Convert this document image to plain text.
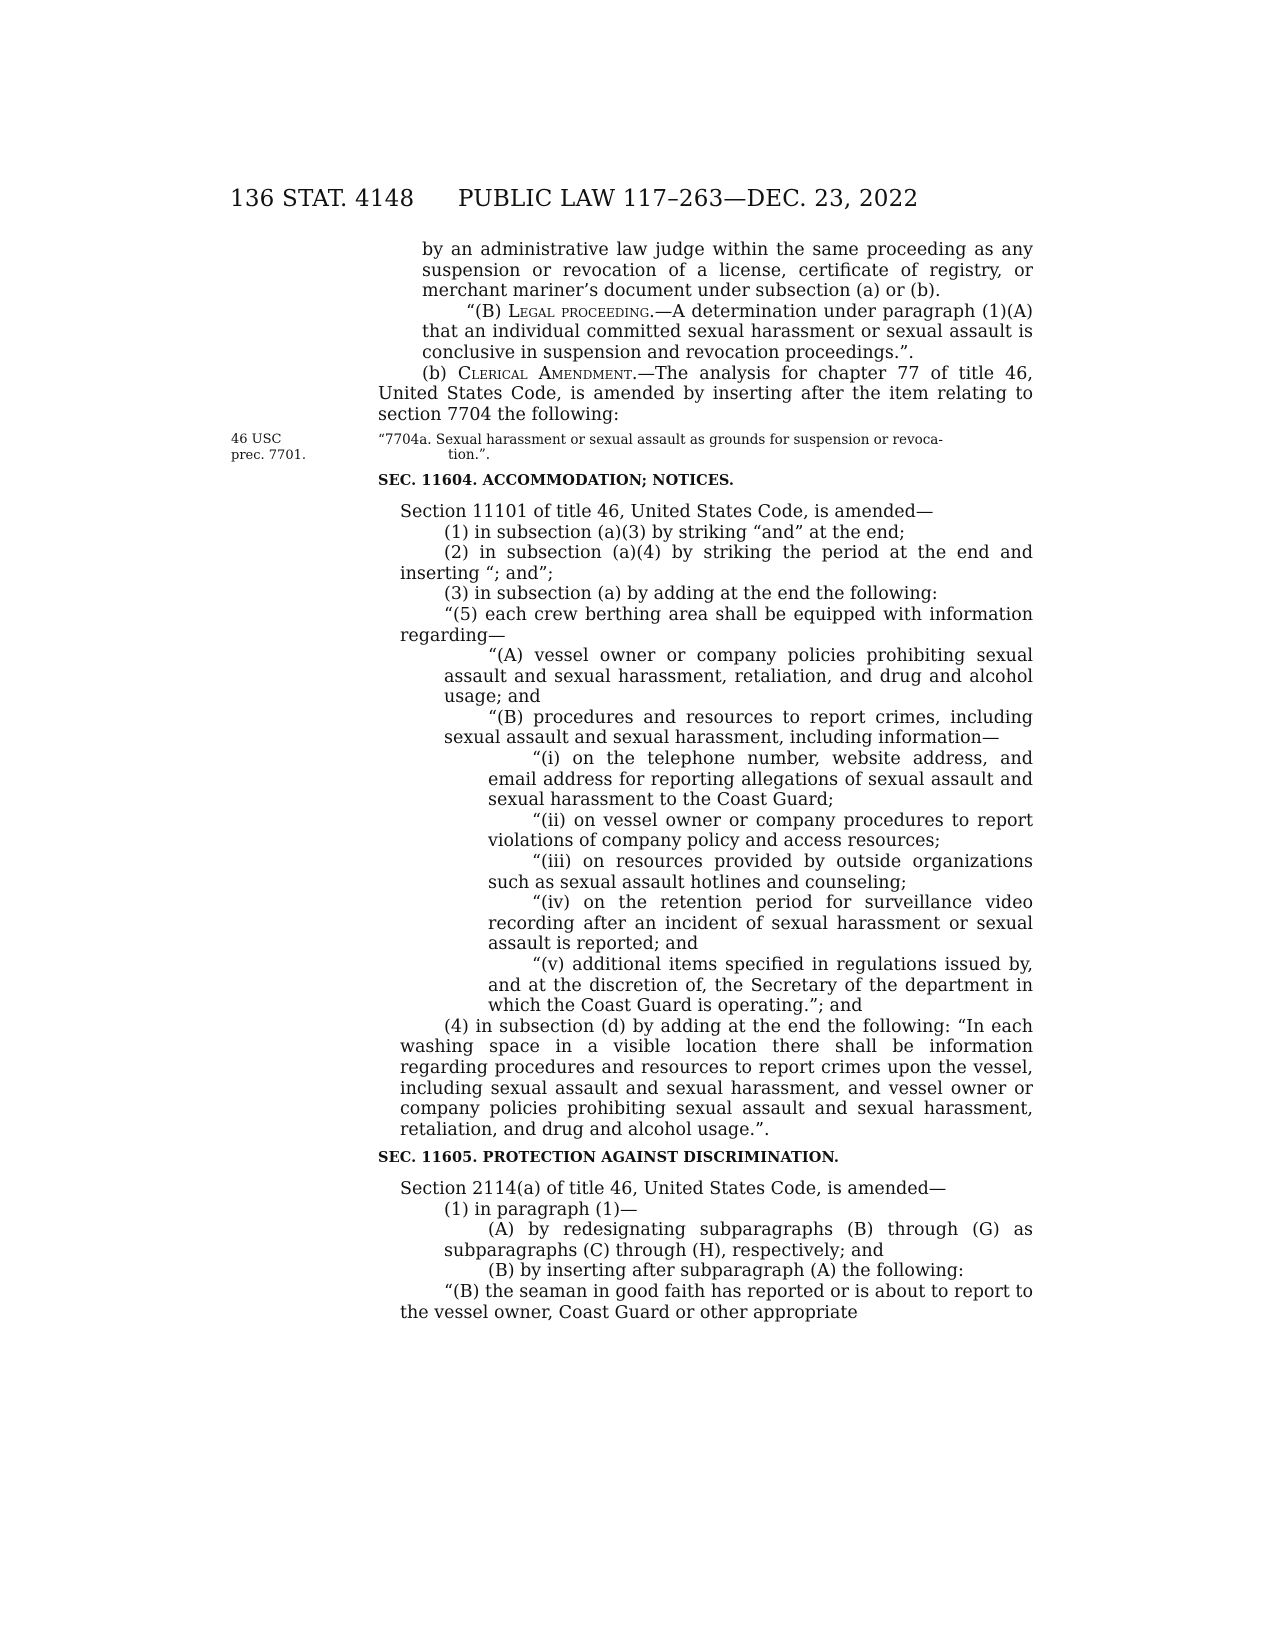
136 STAT. 4148 PUBLIC LAW 117–263—DEC. 23, 2022
46 USC
prec. 7701.

by an administrative law judge within the same proceeding as any suspension or revocation of a license, certificate of registry, or merchant mariner’s document under subsection (a) or (b).

“(B) Legal proceeding.—A determination under paragraph (1)(A) that an individual committed sexual harassment or sexual assault is conclusive in suspension and revocation proceedings.”.

(b) Clerical Amendment.—The analysis for chapter 77 of title 46, United States Code, is amended by inserting after the item relating to section 7704 the following:

“7704a. Sexual harassment or sexual assault as grounds for suspension or revoca-
tion.”.
SEC. 11604. ACCOMMODATION; NOTICES.

Section 11101 of title 46, United States Code, is amended—

(1) in subsection (a)(3) by striking “and” at the end;

(2) in subsection (a)(4) by striking the period at the end and inserting “; and”;

(3) in subsection (a) by adding at the end the following:

“(5) each crew berthing area shall be equipped with information regarding—

“(A) vessel owner or company policies prohibiting sexual assault and sexual harassment, retaliation, and drug and alcohol usage; and

“(B) procedures and resources to report crimes, including sexual assault and sexual harassment, including information—

“(i) on the telephone number, website address, and email address for reporting allegations of sexual assault and sexual harassment to the Coast Guard;

“(ii) on vessel owner or company procedures to report violations of company policy and access resources;

“(iii) on resources provided by outside organizations such as sexual assault hotlines and counseling;

“(iv) on the retention period for surveillance video recording after an incident of sexual harassment or sexual assault is reported; and

“(v) additional items specified in regulations issued by, and at the discretion of, the Secretary of the department in which the Coast Guard is operating.”; and

(4) in subsection (d) by adding at the end the following: “In each washing space in a visible location there shall be information regarding procedures and resources to report crimes upon the vessel, including sexual assault and sexual harassment, and vessel owner or company policies prohibiting sexual assault and sexual harassment, retaliation, and drug and alcohol usage.”.

SEC. 11605. PROTECTION AGAINST DISCRIMINATION.

Section 2114(a) of title 46, United States Code, is amended—

(1) in paragraph (1)—

(A) by redesignating subparagraphs (B) through (G) as subparagraphs (C) through (H), respectively; and

(B) by inserting after subparagraph (A) the following:

“(B) the seaman in good faith has reported or is about to report to the vessel owner, Coast Guard or other appropriate
